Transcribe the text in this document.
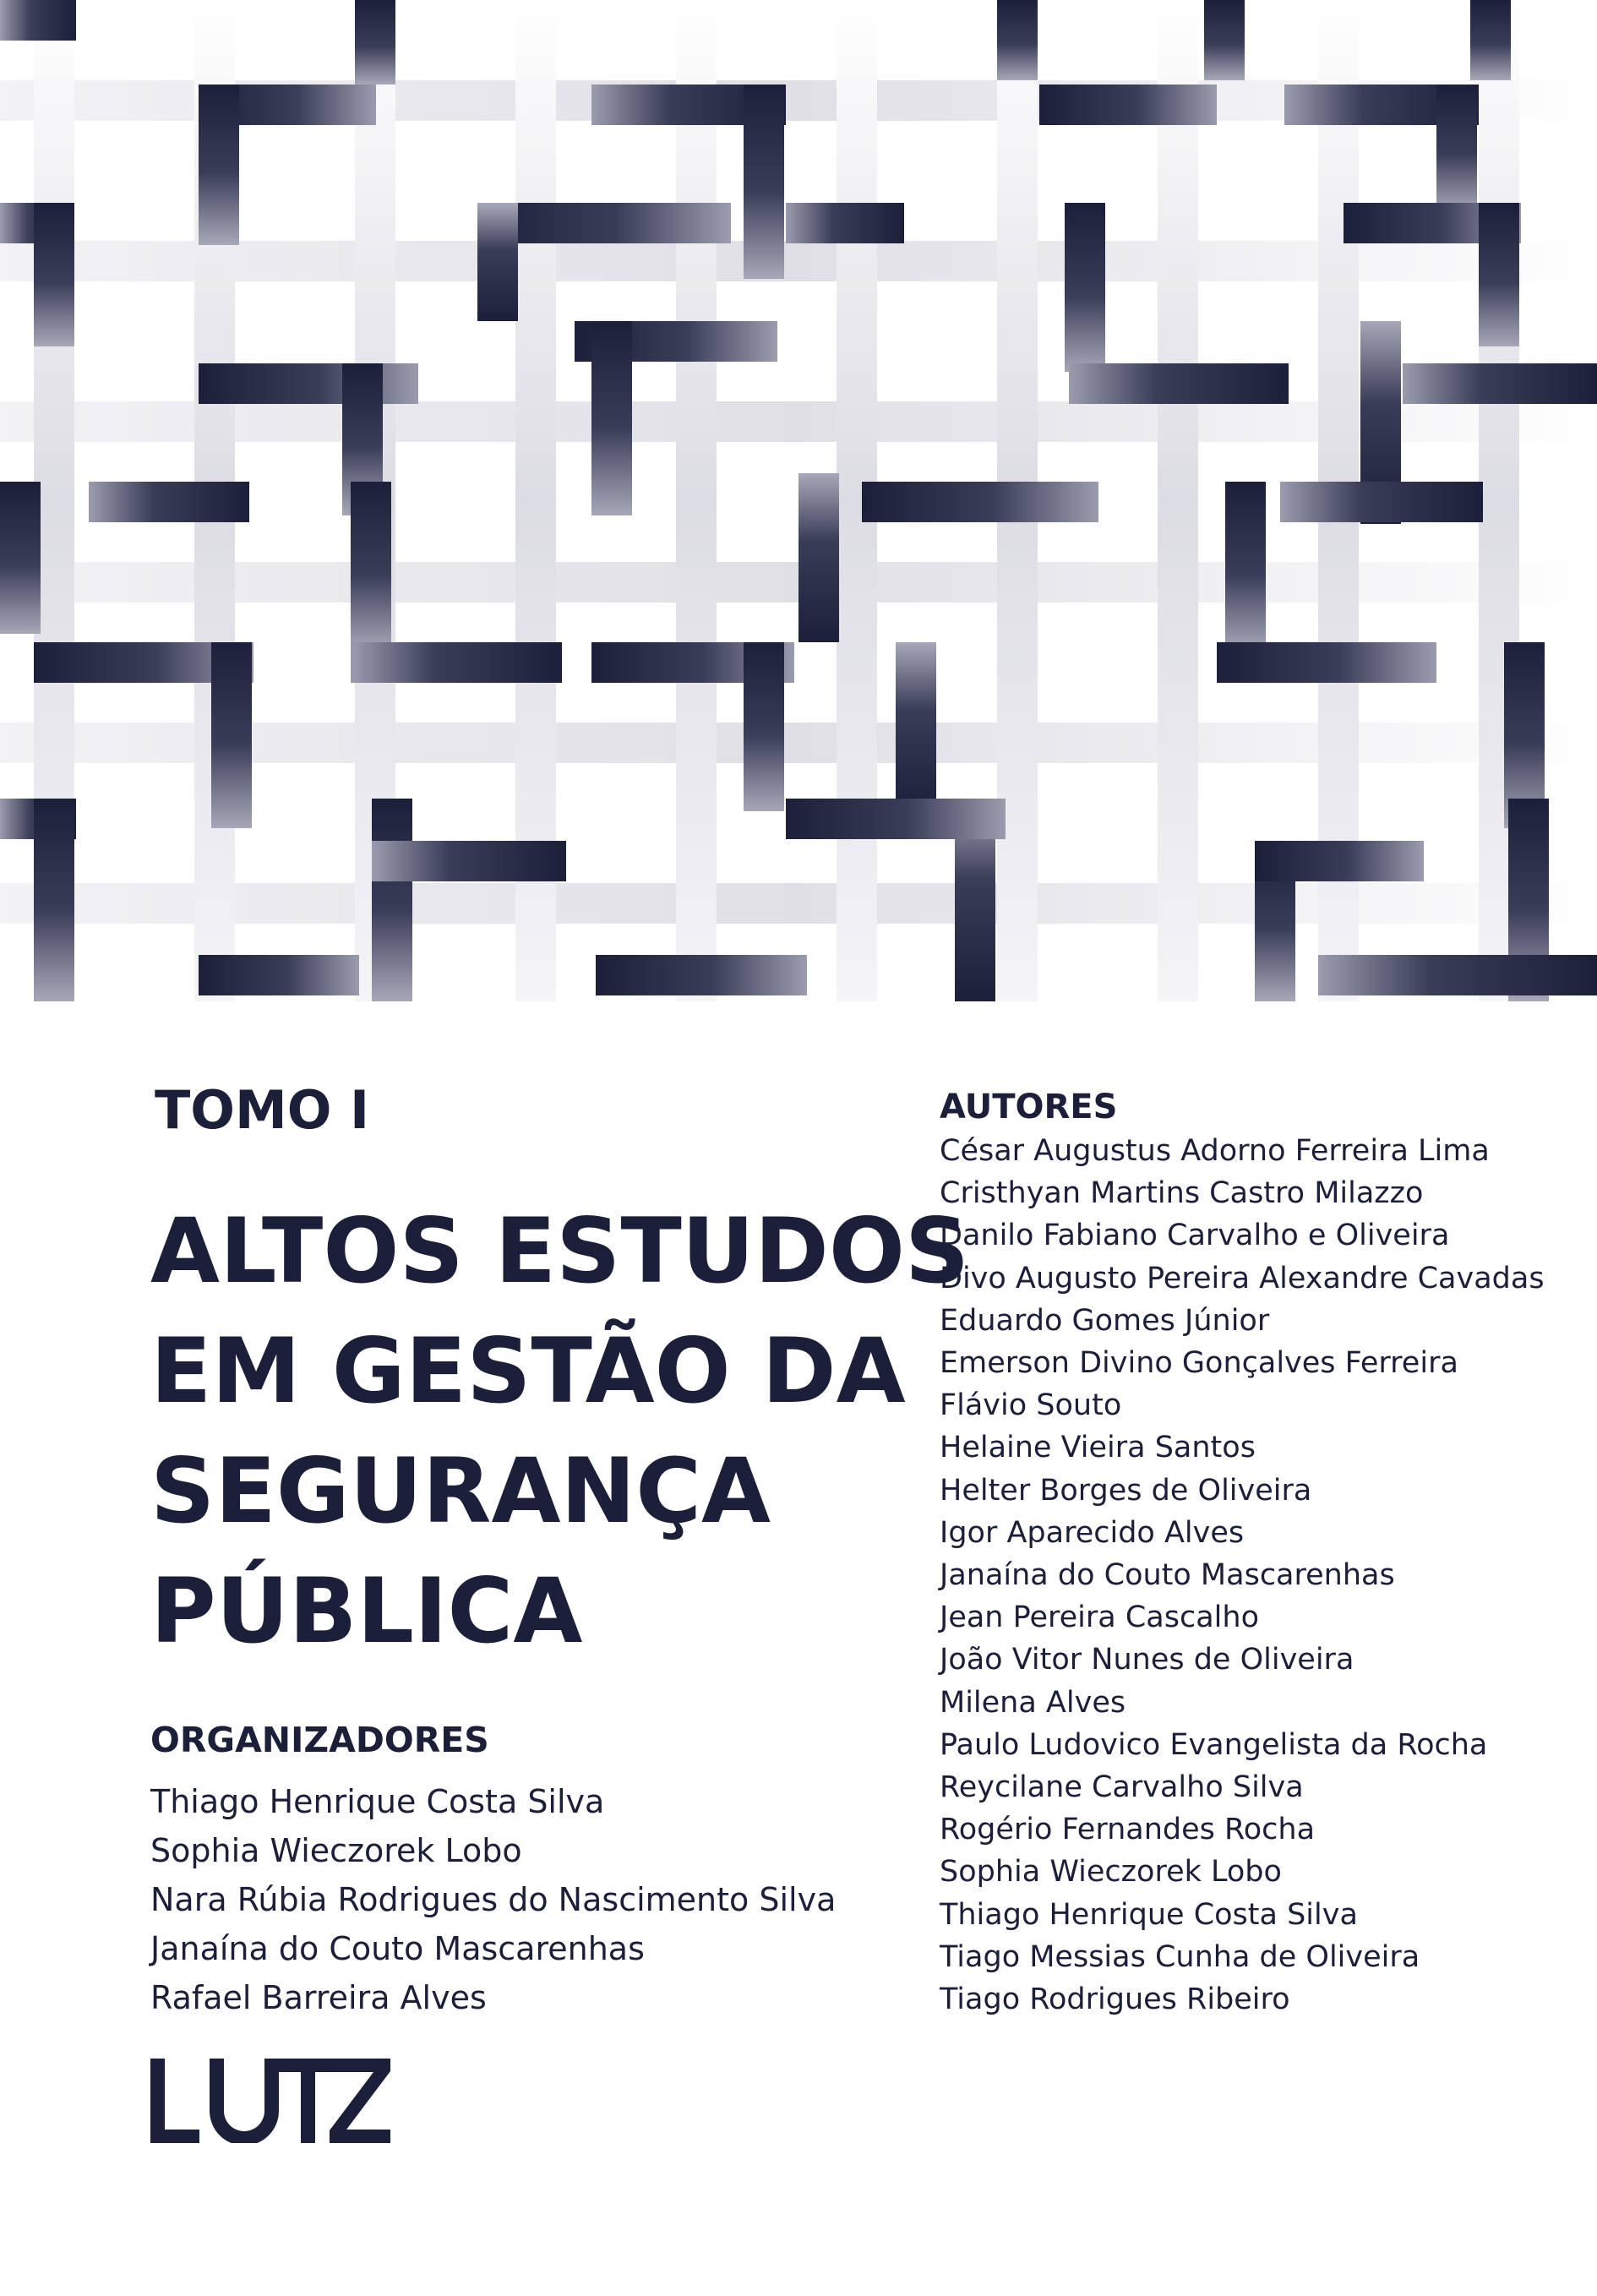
TOMO I
ALTOS ESTUDOS
EM GESTÃO DA
SEGURANÇA
PÚBLICA
ORGANIZADORES
Thiago Henrique Costa Silva
Sophia Wieczorek Lobo
Nara Rúbia Rodrigues do Nascimento Silva
Janaína do Couto Mascarenhas
Rafael Barreira Alves
AUTORES
César Augustus Adorno Ferreira Lima
Cristhyan Martins Castro Milazzo
Danilo Fabiano Carvalho e Oliveira
Divo Augusto Pereira Alexandre Cavadas
Eduardo Gomes Júnior
Emerson Divino Gonçalves Ferreira
Flávio Souto
Helaine Vieira Santos
Helter Borges de Oliveira
Igor Aparecido Alves
Janaína do Couto Mascarenhas
Jean Pereira Cascalho
João Vitor Nunes de Oliveira
Milena Alves
Paulo Ludovico Evangelista da Rocha
Reycilane Carvalho Silva
Rogério Fernandes Rocha
Sophia Wieczorek Lobo
Thiago Henrique Costa Silva
Tiago Messias Cunha de Oliveira
Tiago Rodrigues Ribeiro
